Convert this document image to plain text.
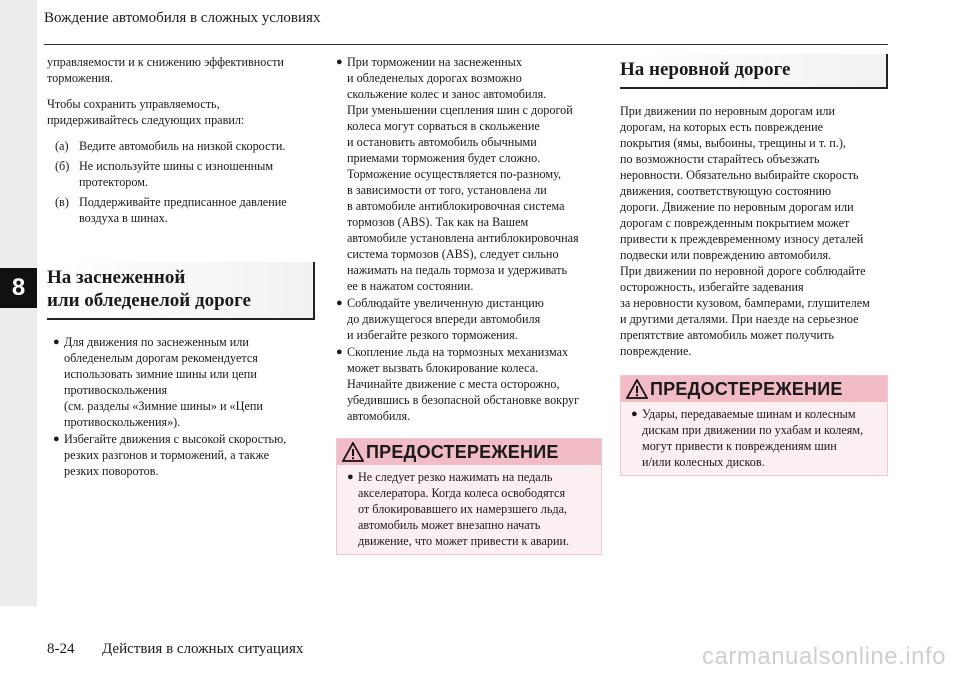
8
Вождение автомобиля в сложных условиях

управляемости и к снижению эффективности
торможения.

Чтобы сохранить управляемость,
придерживайтесь следующих правил:

(а) Ведите автомобиль на низкой скорости.
(б) Не используйте шины с изношенным
протектором.
(в) Поддерживайте предписанное давление
воздуха в шинах.
На заснеженной
или обледенелой дороге
● Для движения по заснеженным или
обледенелым дорогам рекомендуется
использовать зимние шины или цепи
противоскольжения
(см. разделы «Зимние шины» и «Цепи
противоскольжения»).
● Избегайте движения с высокой скоростью,
резких разгонов и торможений, а также
резких поворотов.
● При торможении на заснеженных
и обледенелых дорогах возможно
скольжение колес и занос автомобиля.
При уменьшении сцепления шин с дорогой
колеса могут сорваться в скольжение
и остановить автомобиль обычными
приемами торможения будет сложно.
Торможение осуществляется по-разному,
в зависимости от того, установлена ли
в автомобиле антиблокировочная система
тормозов (ABS). Так как на Вашем
автомобиле установлена антиблокировочная
система тормозов (ABS), следует сильно
нажимать на педаль тормоза и удерживать
ее в нажатом состоянии.
● Соблюдайте увеличенную дистанцию
до движущегося впереди автомобиля
и избегайте резкого торможения.
● Скопление льда на тормозных механизмах
может вызвать блокирование колеса.
Начинайте движение с места осторожно,
убедившись в безопасной обстановке вокруг
автомобиля.
ПРЕДОСТЕРЕЖЕНИЕ
● Не следует резко нажимать на педаль
акселератора. Когда колеса освободятся
от блокировавшего их намерзшего льда,
автомобиль может внезапно начать
движение, что может привести к аварии.
На неровной дороге

При движении по неровным дорогам или
дорогам, на которых есть повреждение
покрытия (ямы, выбоины, трещины и т. п.),
по возможности старайтесь объезжать
неровности. Обязательно выбирайте скорость
движения, соответствующую состоянию
дороги. Движение по неровным дорогам или
дорогам с поврежденным покрытием может
привести к преждевременному износу деталей
подвески или повреждению автомобиля.
При движении по неровной дороге соблюдайте
осторожность, избегайте задевания
за неровности кузовом, бамперами, глушителем
и другими деталями. При наезде на серьезное
препятствие автомобиль может получить
повреждение.

ПРЕДОСТЕРЕЖЕНИЕ
● Удары, передаваемые шинам и колесным
дискам при движении по ухабам и колеям,
могут привести к повреждениям шин
и/или колесных дисков.
8-24 Действия в сложных ситуациях	carmanualsonline.info
